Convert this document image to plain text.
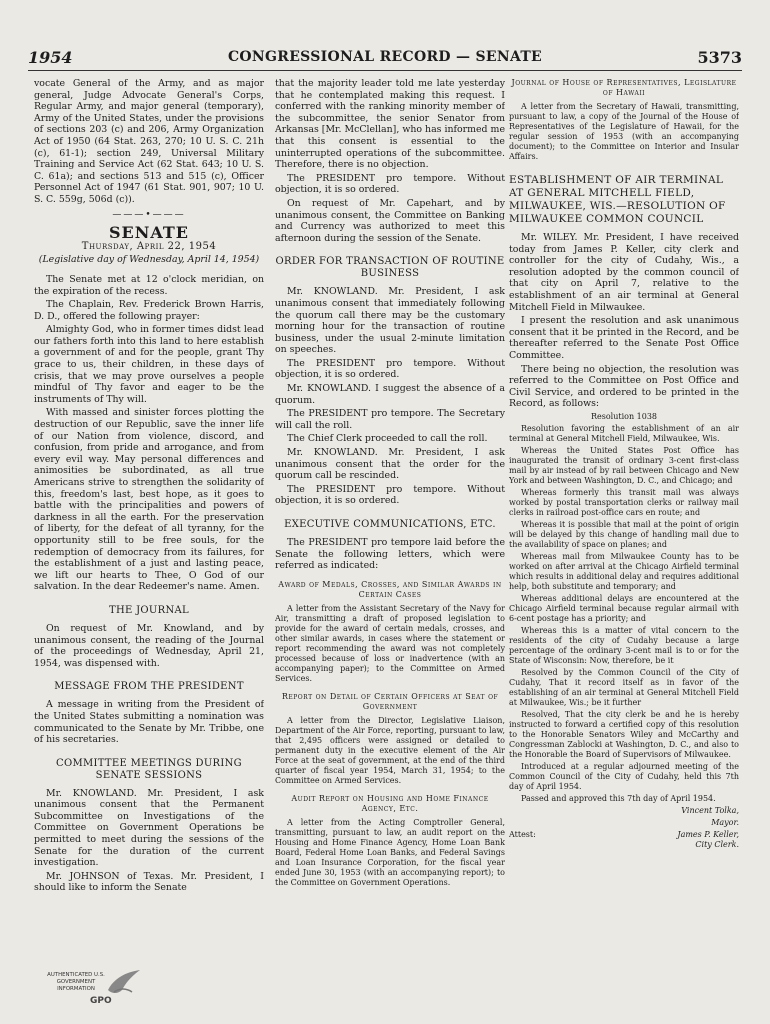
1954	CONGRESSIONAL RECORD — SENATE	5373

vocate General of the Army, and as major general, Judge Advocate General's Corps, Regular Army, and major general (temporary), Army of the United States, under the provisions of sections 203 (c) and 206, Army Organization Act of 1950 (64 Stat. 263, 270; 10 U. S. C. 21h (c), 61-1); section 249, Universal Military Training and Service Act (62 Stat. 643; 10 U. S. C. 61a); and sections 513 and 515 (c), Officer Personnel Act of 1947 (61 Stat. 901, 907; 10 U. S. C. 559g, 506d (c)).

———•———
SENATE
Thursday, April 22, 1954
(Legislative day of Wednesday, April 14, 1954)

The Senate met at 12 o'clock meridian, on the expiration of the recess.

The Chaplain, Rev. Frederick Brown Harris, D. D., offered the following prayer:

Almighty God, who in former times didst lead our fathers forth into this land to here establish a government of and for the people, grant Thy grace to us, their children, in these days of crisis, that we may prove ourselves a people mindful of Thy favor and eager to be the instruments of Thy will.

With massed and sinister forces plotting the destruction of our Republic, save the inner life of our Nation from violence, discord, and confusion, from pride and arrogance, and from every evil way. May personal differences and animosities be subordinated, as all true Americans strive to strengthen the solidarity of this, freedom's last, best hope, as it goes to battle with the principalities and powers of darkness in all the earth. For the preservation of liberty, for the defeat of all tyranny, for the opportunity still to be free souls, for the redemption of democracy from its failures, for the establishment of a just and lasting peace, we lift our hearts to Thee, O God of our salvation. In the dear Redeemer's name. Amen.

THE JOURNAL

On request of Mr. Knowland, and by unanimous consent, the reading of the Journal of the proceedings of Wednesday, April 21, 1954, was dispensed with.

MESSAGE FROM THE PRESIDENT

A message in writing from the President of the United States submitting a nomination was communicated to the Senate by Mr. Tribbe, one of his secretaries.

COMMITTEE MEETINGS DURING SENATE SESSIONS

Mr. KNOWLAND. Mr. President, I ask unanimous consent that the Permanent Subcommittee on Investigations of the Committee on Government Operations be permitted to meet during the sessions of the Senate for the duration of the current investigation.

Mr. JOHNSON of Texas. Mr. President, I should like to inform the Senate

that the majority leader told me late yesterday that he contemplated making this request. I conferred with the ranking minority member of the subcommittee, the senior Senator from Arkansas [Mr. McClellan], who has informed me that this consent is essential to the uninterrupted operations of the subcommittee. Therefore, there is no objection.

The PRESIDENT pro tempore. Without objection, it is so ordered.

On request of Mr. Capehart, and by unanimous consent, the Committee on Banking and Currency was authorized to meet this afternoon during the session of the Senate.

ORDER FOR TRANSACTION OF ROUTINE BUSINESS

Mr. KNOWLAND. Mr. President, I ask unanimous consent that immediately following the quorum call there may be the customary morning hour for the transaction of routine business, under the usual 2-minute limitation on speeches.

The PRESIDENT pro tempore. Without objection, it is so ordered.

Mr. KNOWLAND. I suggest the absence of a quorum.

The PRESIDENT pro tempore. The Secretary will call the roll.

The Chief Clerk proceeded to call the roll.

Mr. KNOWLAND. Mr. President, I ask unanimous consent that the order for the quorum call be rescinded.

The PRESIDENT pro tempore. Without objection, it is so ordered.

EXECUTIVE COMMUNICATIONS, ETC.

The PRESIDENT pro tempore laid before the Senate the following letters, which were referred as indicated:

Award of Medals, Crosses, and Similar Awards in Certain Cases

A letter from the Assistant Secretary of the Navy for Air, transmitting a draft of proposed legislation to provide for the award of certain medals, crosses, and other similar awards, in cases where the statement or report recommending the award was not completely processed because of loss or inadvertence (with an accompanying paper); to the Committee on Armed Services.

Report on Detail of Certain Officers at Seat of Government

A letter from the Director, Legislative Liaison, Department of the Air Force, reporting, pursuant to law, that 2,495 officers were assigned or detailed to permanent duty in the executive element of the Air Force at the seat of government, at the end of the third quarter of fiscal year 1954, March 31, 1954; to the Committee on Armed Services.

Audit Report on Housing and Home Finance Agency, Etc.

A letter from the Acting Comptroller General, transmitting, pursuant to law, an audit report on the Housing and Home Finance Agency, Home Loan Bank Board, Federal Home Loan Banks, and Federal Savings and Loan Insurance Corporation, for the fiscal year ended June 30, 1953 (with an accompanying report); to the Committee on Government Operations.

Journal of House of Representatives, Legislature of Hawaii

A letter from the Secretary of Hawaii, transmitting, pursuant to law, a copy of the Journal of the House of Representatives of the Legislature of Hawaii, for the regular session of 1953 (with an accompanying document); to the Committee on Interior and Insular Affairs.

ESTABLISHMENT OF AIR TERMINAL AT GENERAL MITCHELL FIELD, MILWAUKEE, WIS.—RESOLUTION OF MILWAUKEE COMMON COUNCIL

Mr. WILEY. Mr. President, I have received today from James P. Keller, city clerk and controller for the city of Cudahy, Wis., a resolution adopted by the common council of that city on April 7, relative to the establishment of an air terminal at General Mitchell Field in Milwaukee.

I present the resolution and ask unanimous consent that it be printed in the Record, and be thereafter referred to the Senate Post Office Committee.

There being no objection, the resolution was referred to the Committee on Post Office and Civil Service, and ordered to be printed in the Record, as follows:

Resolution 1038

Resolution favoring the establishment of an air terminal at General Mitchell Field, Milwaukee, Wis.

Whereas the United States Post Office has inaugurated the transit of ordinary 3-cent first-class mail by air instead of by rail between Chicago and New York and between Washington, D. C., and Chicago; and

Whereas formerly this transit mail was always worked by postal transportation clerks or railway mail clerks in railroad post-office cars en route; and

Whereas it is possible that mail at the point of origin will be delayed by this change of handling mail due to the availability of space on planes; and

Whereas mail from Milwaukee County has to be worked on after arrival at the Chicago Airfield terminal which results in additional delay and requires additional help, both substitute and temporary; and

Whereas additional delays are encountered at the Chicago Airfield terminal because regular airmail with 6-cent postage has a priority; and

Whereas this is a matter of vital concern to the residents of the city of Cudahy because a large percentage of the ordinary 3-cent mail is to or for the State of Wisconsin: Now, therefore, be it

Resolved by the Common Council of the City of Cudahy, That it record itself as in favor of the establishing of an air terminal at General Mitchell Field at Milwaukee, Wis.; be it further

Resolved, That the city clerk be and he is hereby instructed to forward a certified copy of this resolution to the Honorable Senators Wiley and McCarthy and Congressman Zablocki at Washington, D. C., and also to the Honorable the Board of Supervisors of Milwaukee.

Introduced at a regular adjourned meeting of the Common Council of the City of Cudahy, held this 7th day of April 1954.

Passed and approved this 7th day of April 1954.

Vincent Tolka,

Mayor.

Attest:	James P. Keller,

City Clerk.

AUTHENTICATED U.S. GOVERNMENT INFORMATION
GPO
